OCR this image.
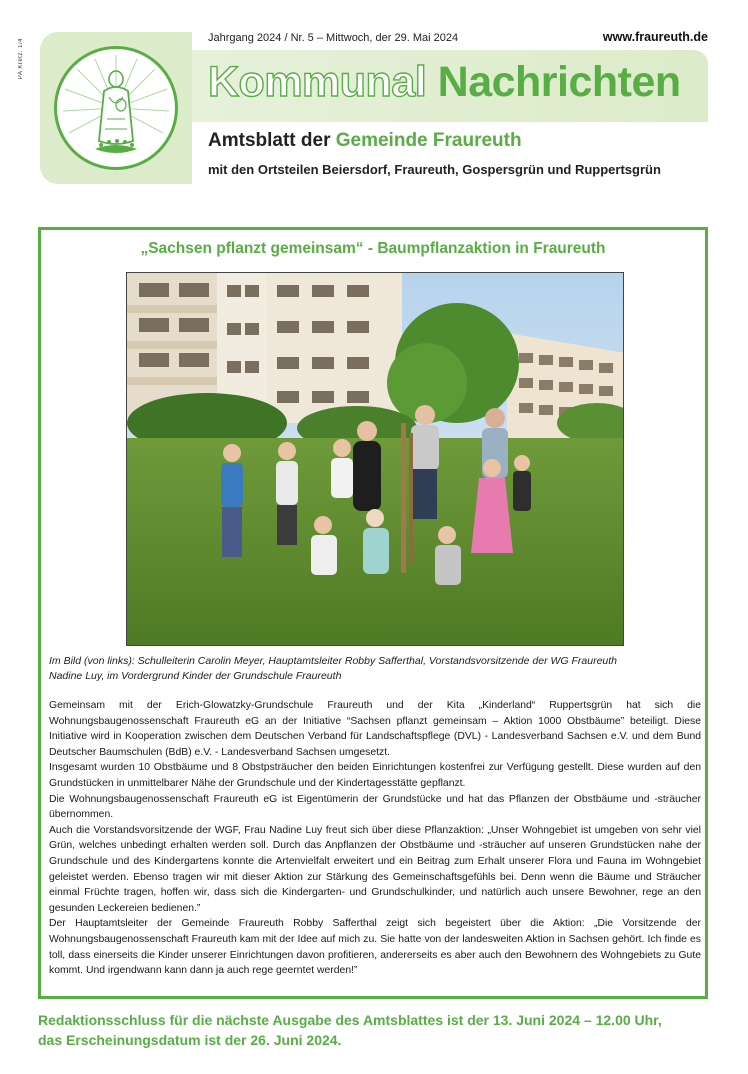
PA Kretz. 1/4	Jahrgang 2024 / Nr. 5 – Mittwoch, der 29. Mai 2024	www.fraureuth.de
Kommunal Nachrichten
Amtsblatt der Gemeinde Fraureuth
mit den Ortsteilen Beiersdorf, Fraureuth, Gospersgrün und Ruppertsgrün
„Sachsen pflanzt gemeinsam“ - Baumpflanzaktion in Fraureuth
Im Bild (von links): Schulleiterin Carolin Meyer, Hauptamtsleiter Robby Safferthal, Vorstandsvorsitzende der WG Fraureuth
Nadine Luy, im Vordergrund Kinder der Grundschule Fraureuth

Gemeinsam mit der Erich-Glowatzky-Grundschule Fraureuth und der Kita „Kinderland“ Ruppertsgrün hat sich die Wohnungsbaugenossenschaft Fraureuth eG an der Initiative “Sachsen pflanzt gemeinsam – Aktion 1000 Obstbäume” beteiligt. Diese Initiative wird in Kooperation zwischen dem Deutschen Verband für Landschaftspflege (DVL) - Landesverband Sachsen e.V. und dem Bund Deutscher Baumschulen (BdB) e.V. - Landesverband Sachsen umgesetzt.

Insgesamt wurden 10 Obstbäume und 8 Obstpsträucher den beiden Einrichtungen kostenfrei zur Verfügung gestellt. Diese wurden auf den Grundstücken in unmittelbarer Nähe der Grundschule und der Kindertagesstätte gepflanzt.

Die Wohnungsbaugenossenschaft Fraureuth eG ist Eigentümerin der Grundstücke und hat das Pflanzen der Obstbäume und -sträucher übernommen.

Auch die Vorstandsvorsitzende der WGF, Frau Nadine Luy freut sich über diese Pflanzaktion: „Unser Wohngebiet ist umgeben von sehr viel Grün, welches unbedingt erhalten werden soll. Durch das Anpflanzen der Obstbäume und -sträucher auf unseren Grundstücken nahe der Grundschule und des Kindergartens konnte die Artenvielfalt erweitert und ein Beitrag zum Erhalt unserer Flora und Fauna im Wohngebiet geleistet werden. Ebenso tragen wir mit dieser Aktion zur Stärkung des Gemeinschaftsgefühls bei. Denn wenn die Bäume und Sträucher einmal Früchte tragen, hoffen wir, dass sich die Kindergarten- und Grundschulkinder, und natürlich auch unsere Bewohner, rege an den gesunden Leckereien bedienen.”

Der Hauptamtsleiter der Gemeinde Fraureuth Robby Safferthal zeigt sich begeistert über die Aktion: „Die Vorsitzende der Wohnungsbaugenossenschaft Fraureuth kam mit der Idee auf mich zu. Sie hatte von der landesweiten Aktion in Sachsen gehört. Ich finde es toll, dass einerseits die Kinder unserer Einrichtungen davon profitieren, andererseits es aber auch den Bewohnern des Wohngebiets zu Gute kommt. Und irgendwann kann dann ja auch rege geerntet werden!”

Redaktionsschluss für die nächste Ausgabe des Amtsblattes ist der 13. Juni 2024 – 12.00 Uhr,

das Erscheinungsdatum ist der 26. Juni 2024.
